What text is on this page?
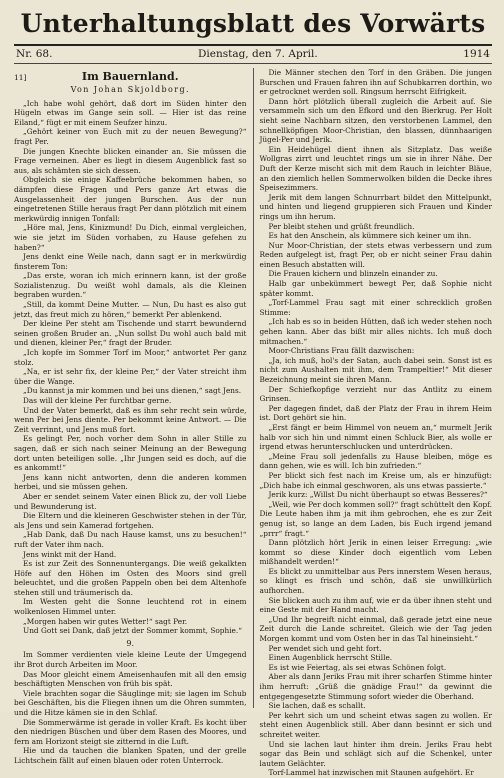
Unterhaltungsblatt des Vorwärts
Nr. 68.	Dienstag, den 7. April.	1914
11]	Im Bauernland.
Von Johan Skjoldborg.

„Ich habe wohl gehört, daß dort im Süden hinter den Hügeln etwas im Gange sein soll. — Hier ist das reine Eiland,“ fügt er mit einem Seufzer hinzu.

„Gehört keiner von Euch mit zu der neuen Bewegung?“ fragt Per.

Die jungen Knechte blicken einander an. Sie müssen die Frage verneinen. Aber es liegt in diesem Augenblick fast so aus, als schämten sie sich dessen.

Obgleich sie einige Kaffeebrüche bekommen haben, so dämpfen diese Fragen und Pers ganze Art etwas die Ausgelassenheit der jungen Burschen. Aus der nun eingetretenen Stille heraus fragt Per dann plötzlich mit einem merkwürdig innigen Tonfall:

„Höre mal, Jens, Kinizmund! Du Dich, einmal vergleichen, wie sie jetzt im Süden vorhaben, zu Hause gefehen zu haben?“

Jens denkt eine Weile nach, dann sagt er in merkwürdig finsterem Ton:

„Das erste, woran ich mich erinnern kann, ist der große Sozialistenzug. Du weißt wohl damals, als die Kleinen begraben wurden.“

„Still, da kommt Deine Mutter. — Nun, Du hast es also gut jetzt, das freut mich zu hören,“ bemerkt Per ablenkend.

Der kleine Per steht am Tischende und starrt bewundernd seinen großen Bruder an. „Nun sollst Du wohl auch bald mit und dienen, kleiner Per,“ fragt der Bruder.

„Ich kopfe im Sommer Torf im Moor,“ antwortet Per ganz stolz.

„Na, er ist sehr fix, der kleine Per,“ der Vater streicht ihm über die Wange.

„Du kannst ja mir kommen und bei uns dienen,“ sagt Jens.

Das will der kleine Per furchtbar gerne.

Und der Vater bemerkt, daß es ihm sehr recht sein würde, wenn Per bei Jens diente. Per bekommt keine Antwort. — Die Zeit verrinnt, und Jens muß fort.

Es gelingt Per, noch vorher dem Sohn in aller Stille zu sagen, daß er sich nach seiner Meinung an der Bewegung dort unten beteiligen solle. „Ihr Jungen seid es doch, auf die es ankommt!“

Jens kann nicht antworten, denn die anderen kommen herbei, und sie müssen gehen.

Aber er sendet seinem Vater einen Blick zu, der voll Liebe und Bewunderung ist.

Die Eltern und die kleineren Geschwister stehen in der Tür, als Jens und sein Kamerad fortgehen.

„Hab Dank, daß Du nach Hause kamst, uns zu besuchen!“ ruft der Vater ihm nach.

Jens winkt mit der Hand.

Es ist zur Zeit des Sonnenuntergangs. Die weiß gekalkten Höfe auf den Höhen im Osten des Moors sind grell beleuchtet, und die großen Pappeln oben bei dem Altenhofe stehen still und träumerisch da.

Im Westen geht die Sonne leuchtend rot in einem wolkenlosen Himmel unter.

„Morgen haben wir gutes Wetter!“ sagt Per.

Und Gott sei Dank, daß jetzt der Sommer kommt, Sophie.“

9.

Im Sommer verdienten viele kleine Leute der Umgegend ihr Brot durch Arbeiten im Moor.

Das Moor gleicht einem Ameisenhaufen mit all den emsig beschäftigten Menschen von früh bis spät.

Viele brachten sogar die Säuglinge mit; sie lagen im Schub bei Geschäften, bis die Fliegen ihnen um die Ohren summten, und die Hitze kämen sie in den Schlaf.

Die Sommerwärme ist gerade in voller Kraft. Es kocht über den niedrigen Büschen und über dem Rasen des Moores, und fern am Horizont steigt sie zitternd in die Luft.

Hie und da tauchen die blanken Spaten, und der grelle Lichtschein fällt auf einen blauen oder roten Unterrock.

Die Männer stechen den Torf in den Gräben. Die jungen Burschen und Frauen fahren ihn auf Schubkarren dorthin, wo er getrocknet werden soll. Ringsum herrscht Eifrigkeit.

Dann hört plötzlich überall zugleich die Arbeit auf. Sie versammeln sich um den Efkord und den Bierkrug. Per Holt sieht seine Nachbarn sitzen, den verstorbenen Lammel, den schnellköpfigen Moor-Christian, den blassen, dünnhaarigen Jügel-Per und Jerik.

Ein Heidehügel dient ihnen als Sitzplatz. Das weiße Wollgras zirrt und leuchtet rings um sie in ihrer Nähe. Der Duft der Kerze mischt sich mit dem Rauch in leichter Bläue, an den ziemlich hellen Sommerwolken bilden die Decke ihres Speisezimmers.

Jerik mit dem langen Schnurrbart bildet den Mittelpunkt, und hinten und liegend gruppieren sich Frauen und Kinder rings um ihn herum.

Per bleibt stehen und grüßt freundlich.

Es hat den Anschein, als kümmere sich keiner um ihn.

Nur Moor-Christian, der stets etwas verbessern und zum Reden aufgelegt ist, fragt Per, ob er nicht seiner Frau dahin einen Besuch abstatten will.

Die Frauen kichern und blinzeln einander zu.

Halb gar unbekümmert bewegt Per, daß Sophie nicht später kommt.

„Torf-Lammel Frau sagt mit einer schrecklich großen Stimme:

„Ich hab es so in beiden Hütten, daß ich weder stehen noch gehen kann. Aber das bißt mir alles nichts. Ich muß doch mitmachen.“

Moor-Christians Frau fällt dazwischen:

„Ja, ich muß, hol's der Satan, auch dabei sein. Sonst ist es nicht zum Aushalten mit ihm, dem Trampeltier!“ Mit dieser Bezeichnung meint sie ihren Mann.

Der Schiefkopfige verzieht nur das Antlitz zu einem Grinsen.

Per dagegen findet, daß der Platz der Frau in ihrem Heim ist. Dort gehört sie hin.

„Erst fängt er beim Himmel von neuem an,“ murmelt Jerik halb vor sich hin und nimmt einen Schluck Bier, als wolle er irgend etwas herunterschlucken und unterdrücken.

„Meine Frau soll jedenfalls zu Hause bleiben, möge es dann gehen, wie es will. Ich bin zufrieden.“

Per blickt sich fest nach im Kreise um, als er hinzufügt: „Dich habe ich einmal geschworen, als uns etwas passierte.“

Jerik kurz: „Willst Du nicht überhaupt so etwas Besseres?“

„Weil, wie Per doch kommen soll?“ fragt schüttelt den Kopf. Die Leute haben ihm ja mit ihm gebrochen, ehe es zur Zeit genug ist, so lange an dem Laden, bis Euch irgend jemand „prrr“ fragt.“

Dann plötzlich hört Jerik in einen leiser Erregung: „wie kommt so diese Kinder doch eigentlich vom Leben mißhandelt werden!“

Es blickt zu unmittelbar aus Pers innerstem Wesen heraus, so klingt es frisch und schön, daß sie unwillkürlich aufhorchen.

Sie blicken auch zu ihm auf, wie er da über ihnen steht und eine Geste mit der Hand macht.

„Und Ihr begreift nicht einmal, daß gerade jetzt eine neue Zeit durch die Lande schreitet. Gleich wie der Tag jeden Morgen kommt und vom Osten her in das Tal hineinsieht.“

Per wendet sich und geht fort.

Einen Augenblick herrscht Stille.

Es ist wie Feiertag, als sei etwas Schönen folgt.

Aber als dann Jeriks Frau mit ihrer scharfen Stimme hinter ihm herruft: „Grüß die gnädige Frau!“ da gewinnt die entgegengesetzte Stimmung sofort wieder die Oberhand.

Sie lachen, daß es schallt.

Per kehrt sich um und scheint etwas sagen zu wollen. Er steht einen Augenblick still. Aber dann besinnt er sich und schreitet weiter.

Und sie lachen laut hinter ihm drein. Jeriks Frau hebt sogar das Bein und schlägt sich auf die Schenkel, unter lautem Gelächter.

Torf-Lammel hat inzwischen mit Staunen aufgehört. Er
